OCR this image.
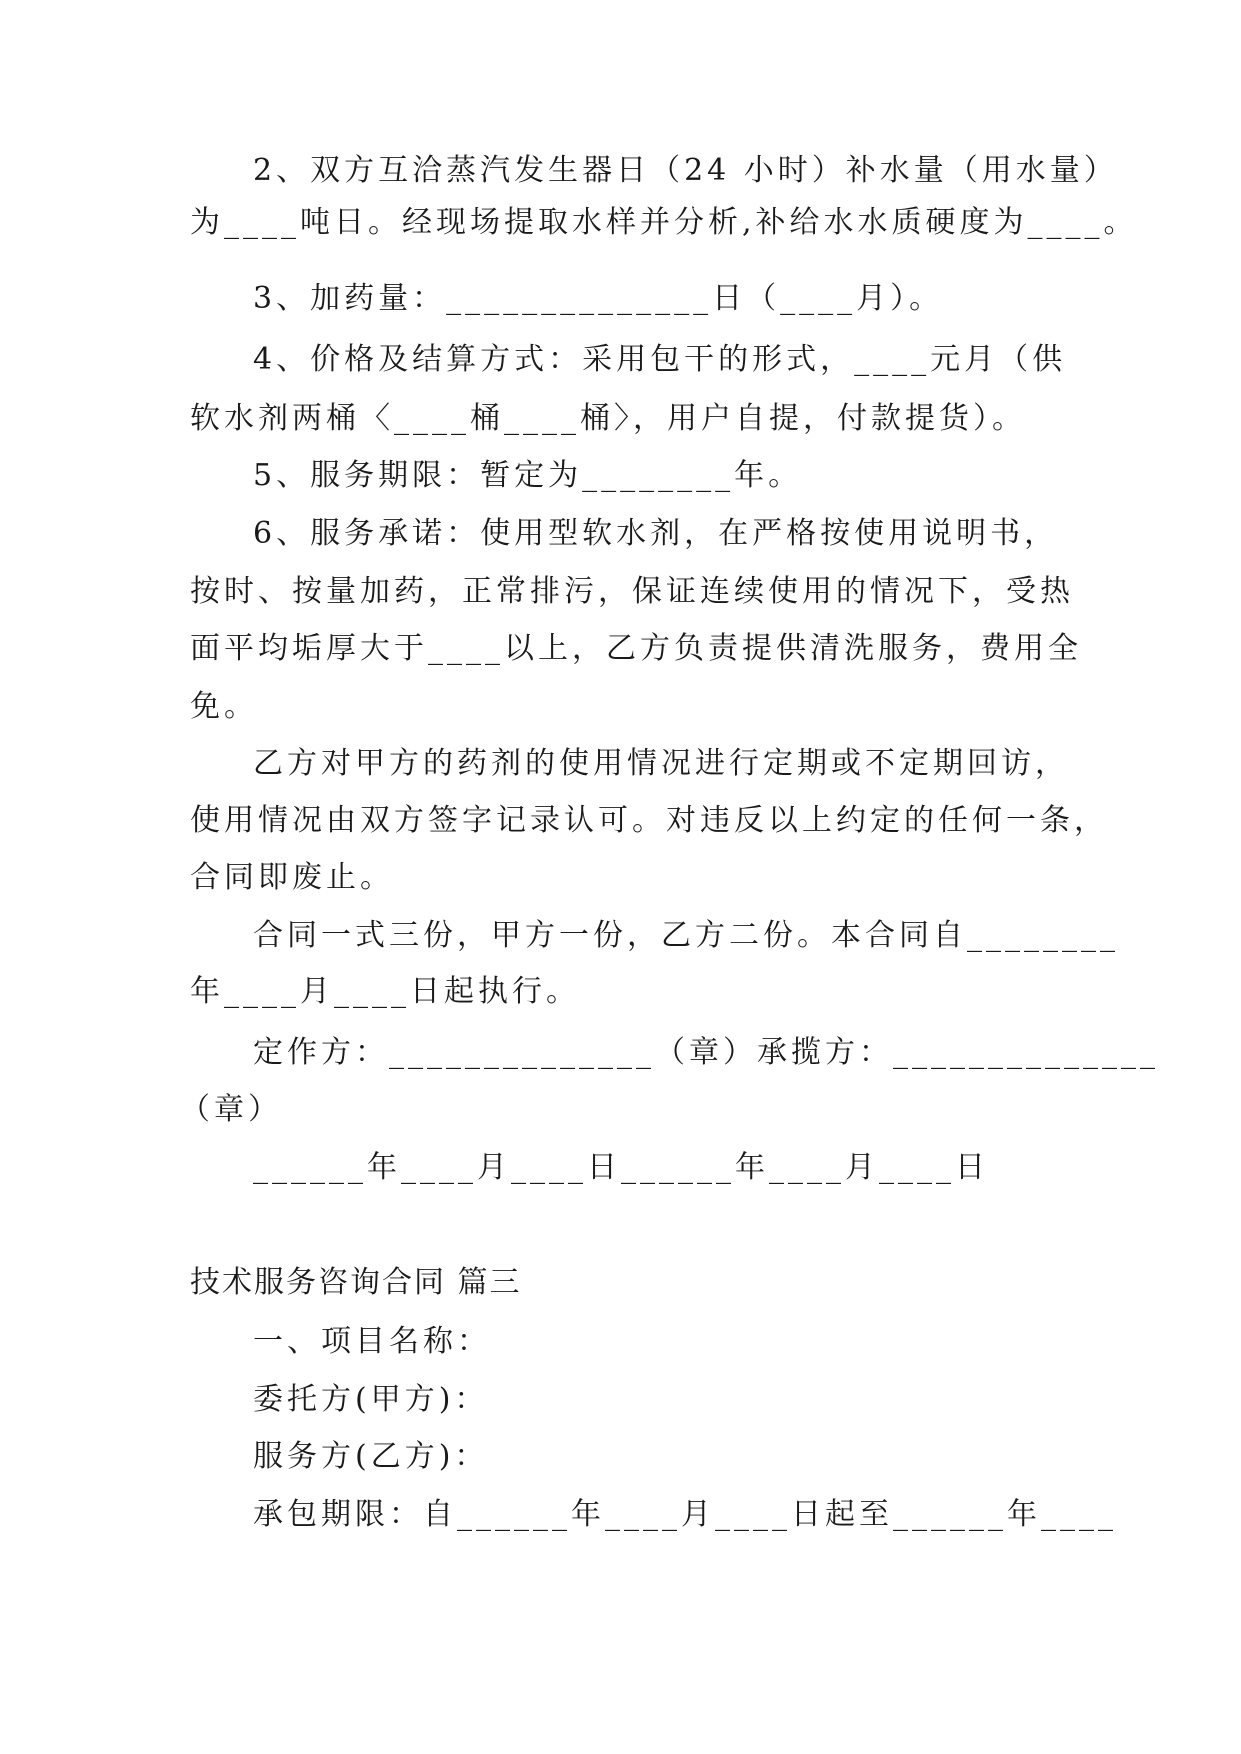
2、双方互洽蒸汽发生器日（24 小时）补水量（用水量）
为____吨日。经现场提取水样并分析,补给水水质硬度为____。
3、加药量：______________日（____月）。
4、价格及结算方式：采用包干的形式，____元月（供
软水剂两桶〈____桶____桶〉，用户自提，付款提货）。
5、服务期限：暂定为________年。
6、服务承诺：使用型软水剂，在严格按使用说明书，
按时、按量加药，正常排污，保证连续使用的情况下，受热
面平均垢厚大于____以上，乙方负责提供清洗服务，费用全
免。
乙方对甲方的药剂的使用情况进行定期或不定期回访，
使用情况由双方签字记录认可。对违反以上约定的任何一条，
合同即废止。
合同一式三份，甲方一份，乙方二份。本合同自________
年____月____日起执行。
定作方：______________（章）承揽方：______________
（章）
______年____月____日______年____月____日
技术服务咨询合同 篇三
一、项目名称：
委托方(甲方)：
服务方(乙方)：
承包期限：自______年____月____日起至______年____
